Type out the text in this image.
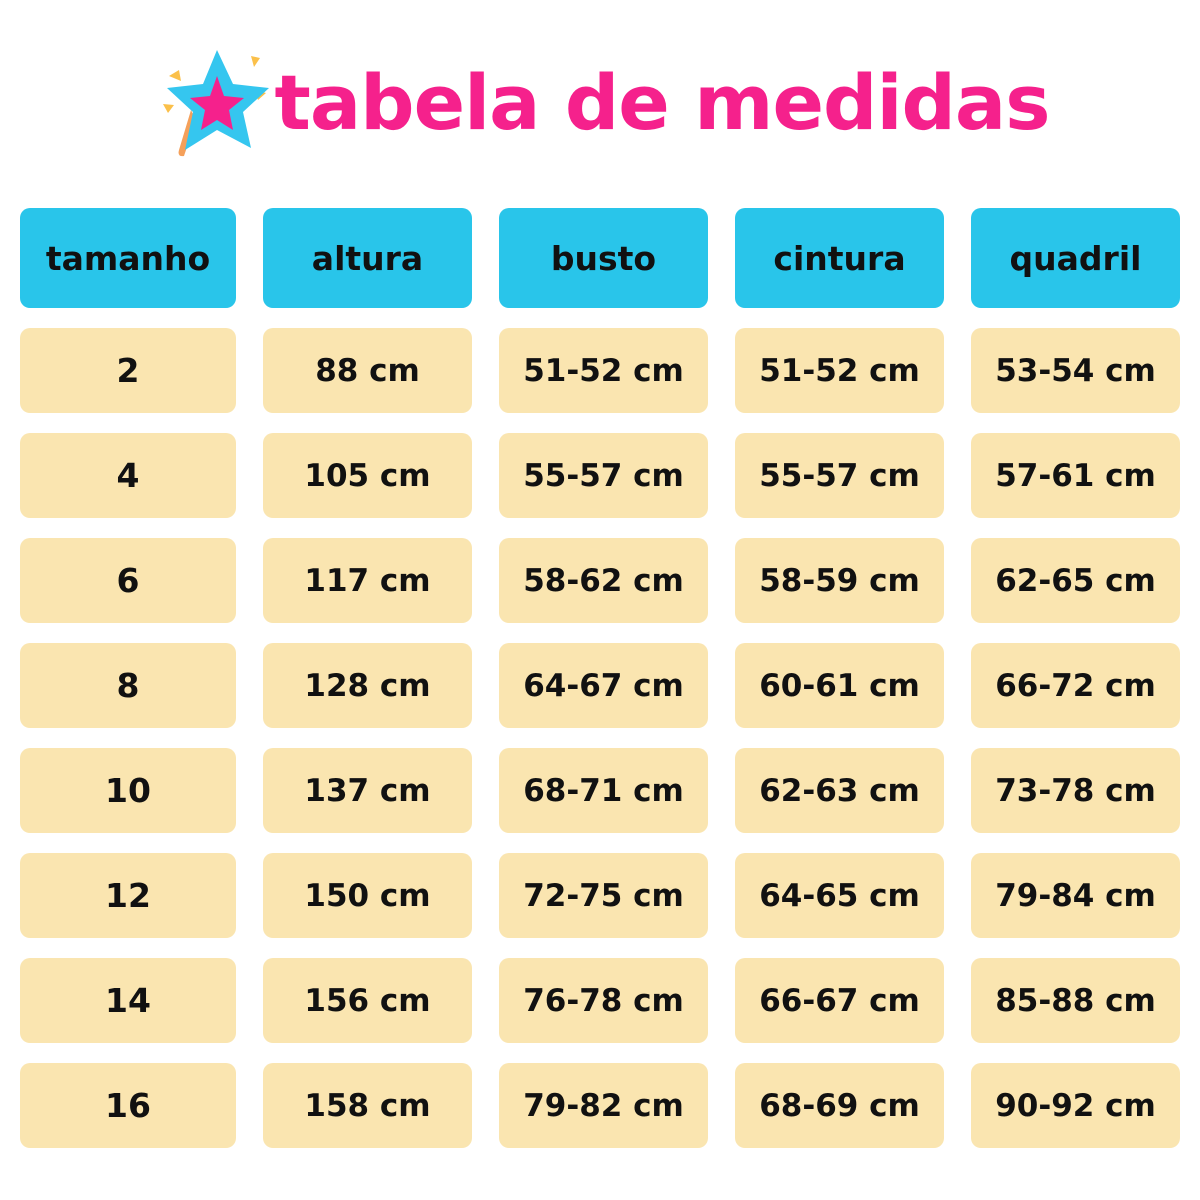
tabela de medidas
tamanho	altura	busto	cintura	quadril
2	88 cm	51-52 cm	51-52 cm	53-54 cm
4	105 cm	55-57 cm	55-57 cm	57-61 cm
6	117 cm	58-62 cm	58-59 cm	62-65 cm
8	128 cm	64-67 cm	60-61 cm	66-72 cm
10	137 cm	68-71 cm	62-63 cm	73-78 cm
12	150 cm	72-75 cm	64-65 cm	79-84 cm
14	156 cm	76-78 cm	66-67 cm	85-88 cm
16	158 cm	79-82 cm	68-69 cm	90-92 cm
